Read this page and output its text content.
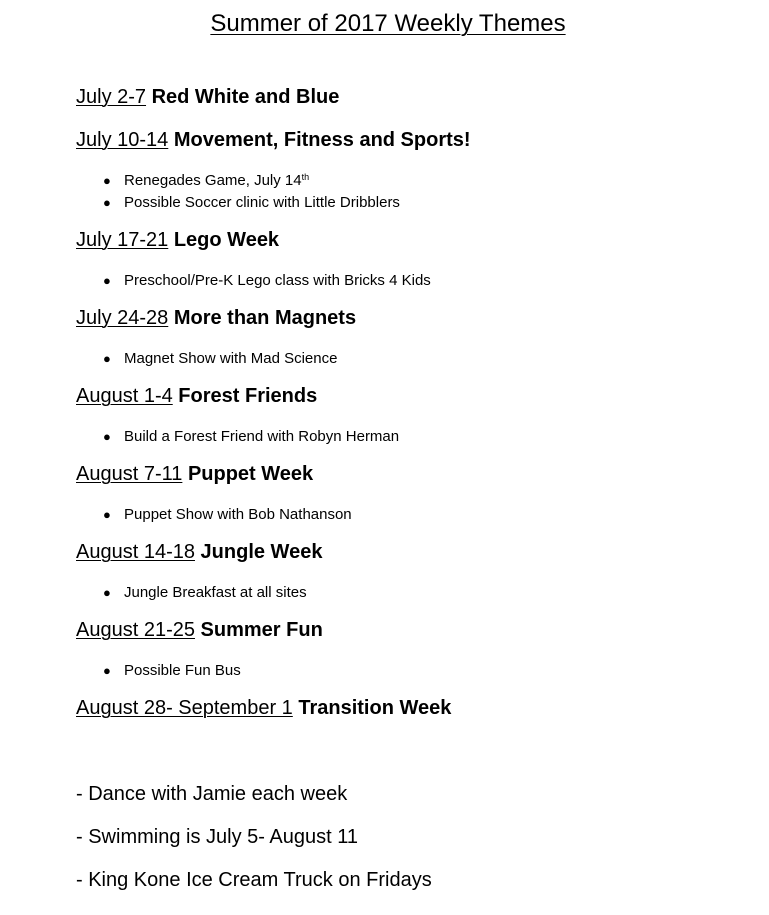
Summer of 2017 Weekly Themes
July 2-7 Red White and Blue
July 10-14 Movement, Fitness and Sports!
● Renegades Game, July 14th
● Possible Soccer clinic with Little Dribblers
July 17-21 Lego Week
● Preschool/Pre-K Lego class with Bricks 4 Kids
July 24-28 More than Magnets
● Magnet Show with Mad Science
August 1-4 Forest Friends
● Build a Forest Friend with Robyn Herman
August 7-11 Puppet Week
● Puppet Show with Bob Nathanson
August 14-18 Jungle Week
● Jungle Breakfast at all sites
August 21-25 Summer Fun
● Possible Fun Bus
August 28- September 1 Transition Week
- Dance with Jamie each week
- Swimming is July 5- August 11
- King Kone Ice Cream Truck on Fridays
